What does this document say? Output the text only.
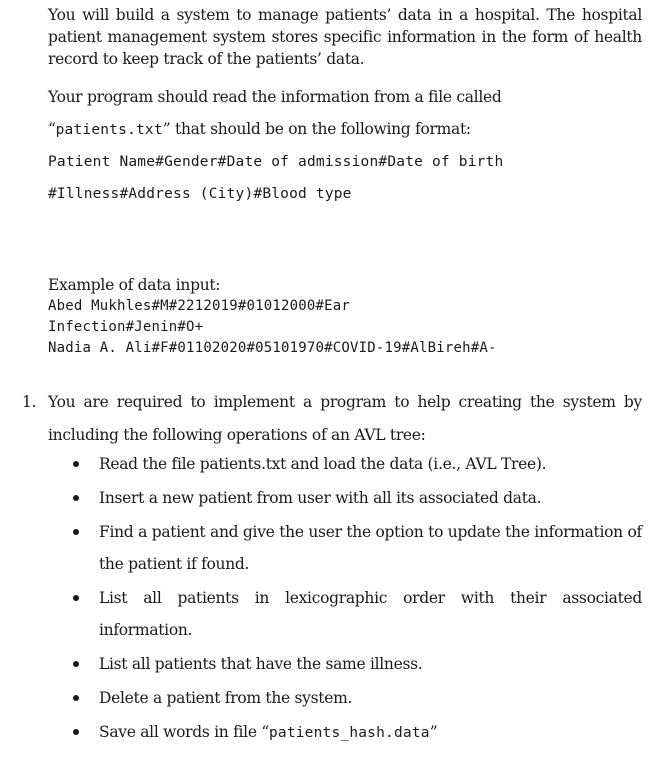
You will build a system to manage patients’ data in a hospital. The hospital patient management system stores specific information in the form of health record to keep track of the patients’ data.

Your program should read the information from a file called

“patients.txt” that should be on the following format:

Patient Name#Gender#Date of admission#Date of birth

#Illness#Address (City)#Blood type

Example of data input:
Abed Mukhles#M#2212019#01012000#Ear
Infection#Jenin#O+
Nadia A. Ali#F#01102020#05101970#COVID-19#AlBireh#A-
1. You are required to implement a program to help creating the system by including the following operations of an AVL tree:

Read the file patients.txt and load the data (i.e., AVL Tree).
Insert a new patient from user with all its associated data.
Find a patient and give the user the option to update the information of the patient if found.
List all patients in lexicographic order with their associated information.
List all patients that have the same illness.
Delete a patient from the system.
Save all words in file “patients_hash.data”
